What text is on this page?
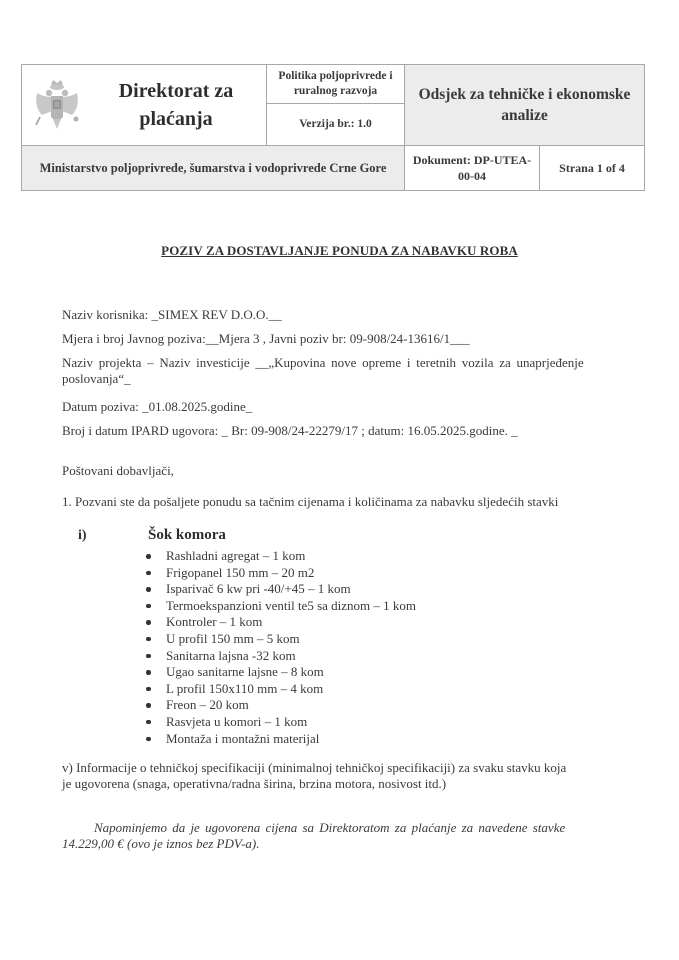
Direktorat za
plaćanja	Politika poljoprivrede i ruralnog razvoja	Odsjek za tehničke i ekonomske analize	
	Verzija br.: 1.0		
Ministarstvo poljoprivrede, šumarstva i vodoprivrede Crne Gore		Dokument: DP-UTEA-00-04	Strana 1 of 4
POZIV ZA DOSTAVLJANJE PONUDA ZA NABAVKU ROBA
Naziv korisnika: _SIMEX REV D.O.O.__
Mjera i broj Javnog poziva:__Mjera 3 , Javni poziv br: 09-908/24-13616/1___
Naziv projekta – Naziv investicije __„Kupovina nove opreme i teretnih vozila za unaprjeđenje
poslovanja“_
Datum poziva: _01.08.2025.godine_
Broj i datum IPARD ugovora: _ Br: 09-908/24-22279/17 ; datum: 16.05.2025.godine. _
Poštovani dobavljači,
1. Pozvani ste da pošaljete ponudu sa tačnim cijenama i količinama za nabavku sljedećih stavki
i)	Šok komora
Rashladni agregat – 1 kom
Frigopanel 150 mm – 20 m2
Isparivač 6 kw pri -40/+45 – 1 kom
Termoekspanzioni ventil te5 sa diznom – 1 kom
Kontroler – 1 kom
U profil 150 mm – 5 kom
Sanitarna lajsna -32 kom
Ugao sanitarne lajsne – 8 kom
L profil 150x110 mm – 4 kom
Freon – 20 kom
Rasvjeta u komori – 1 kom
Montaža i montažni materijal
v) Informacije o tehničkoj specifikaciji (minimalnoj tehničkoj specifikaciji) za svaku stavku koja
je ugovorena (snaga, operativna/radna širina, brzina motora, nosivost itd.)
Napominjemo da je ugovorena cijena sa Direktoratom za plaćanje za navedene stavke
14.229,00 € (ovo je iznos bez PDV-a).
